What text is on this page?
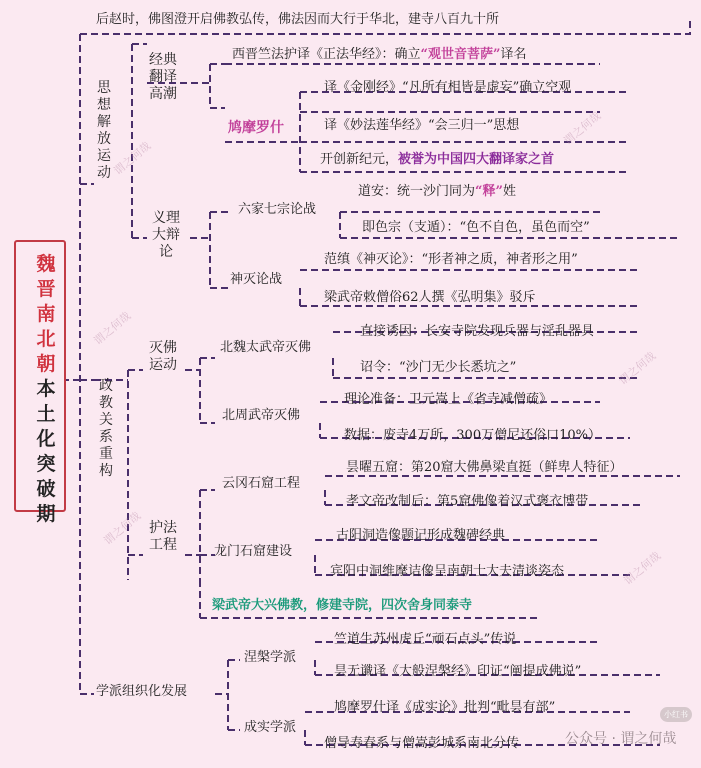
魏晋南北朝
本土化突破期
后赵时，佛图澄开启佛教弘传，佛法因而大行于华北，建寺八百九十所
思想解放运动
经典翻译高潮
西晋竺法护译《正法华经》：确立“观世音菩萨”译名
鸠摩罗什
译《金刚经》“凡所有相皆是虚妄”确立空观
译《妙法莲华经》“会三归一”思想
开创新纪元，被誉为中国四大翻译家之首
义理大辩论
六家七宗论战
道安：统一沙门同为“释”姓
即色宗（支遁）：“色不自色，虽色而空”
神灭论战
范缜《神灭论》：“形者神之质，神者形之用”
梁武帝敕僧俗62人撰《弘明集》驳斥
政教关系重构
灭佛运动
北魏太武帝灭佛
直接诱因：长安寺院发现兵器与淫乱器具
诏令：“沙门无少长悉坑之”
北周武帝灭佛
理论准备：卫元嵩上《省寺减僧疏》
数据：废寺4万所，300万僧尼还俗口10%）
护法工程
云冈石窟工程
昙曜五窟：第20窟大佛鼻梁直挺（鲜卑人特征）
孝文帝改制后：第5窟佛像着汉式褒衣博带
龙门石窟建设
古阳洞造像题记形成魏碑经典
宾阳中洞维摩诘像呈南朝士大夫清谈姿态
梁武帝大兴佛教，修建寺院，四次舍身同泰寺
学派组织化发展
涅槃学派
竺道生苏州虎丘“顽石点头”传说
昙无谶译《大般涅槃经》印证“阐提成佛说”
成实学派
鸠摩罗什译《成实论》批判“毗昙有部”
僧导寿春系与僧嵩彭城系南北分传
谓之何哉
谓之何哉
谓之何哉
谓之何哉
谓之何哉
谓之何哉
小红书
公众号 · 谓之何哉
